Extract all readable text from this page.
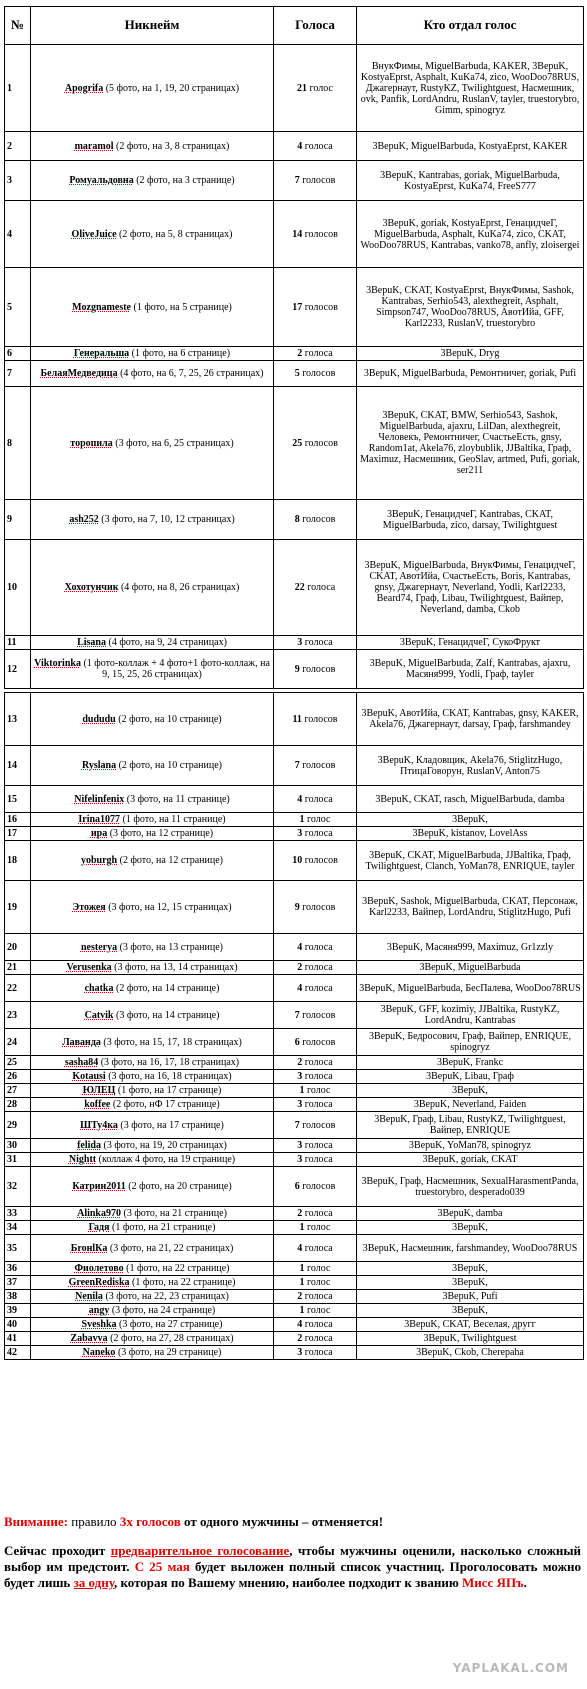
№	Никнейм	Голоса	Кто отдал голос
1	Apogrifa (5 фото, на 1, 19, 20 страницах)	21 голос	ВнукФимы, MiguelBarbuda, KAKER, 3ВерuK, KostyaEprst, Asphalt, KuKa74, zico, WooDoo78RUS, Джагернаут, RustyKZ, Twilightguest, Насмешник, ovk, Panfik, LordAndru, RuslanV, tayler, truestorybro, Gimm, spinogryz
2	maramol (2 фото, на 3, 8 страницах)	4 голоса	3ВерuK, MiguelBarbuda, KostyaEprst, KAKER
3	Ромуальдовна (2 фото, на 3 странице)	7 голосов	3ВерuK, Kantrabas, goriak, MiguelBarbuda, KostyaEprst, KuKa74, FreeS777
4	OliveJuice (2 фото, на 5, 8 страницах)	14 голосов	3ВерuK, goriak, KostyaEprst, ГенацидчеГ, MiguelBarbuda, Asphalt, KuKa74, zico, CKAT, WooDoo78RUS, Kantrabas, vanko78, anfly, zloisergei
5	Mozgnameste (1 фото, на 5 странице)	17 голосов	3ВерuK, CKAT, KostyaEprst, ВнукФимы, Sashok, Kantrabas, Serhio543, alexthegreit, Asphalt, Simpson747, WooDoo78RUS, AвотИйa, GFF, Karl2233, RuslanV, truestorybro
6	Генеральша (1 фото, на 6 странице)	2 голоса	3ВерuK, Dryg
7	БелаяМедведица (4 фото, на 6, 7, 25, 26 страницах)	5 голосов	3ВерuK, MiguelBarbuda, Ремонтничег, goriak, Pufi
8	торопила (3 фото, на 6, 25 страницах)	25 голосов	3ВерuK, CKAT, BMW, Serhio543, Sashok, MiguelBarbuda, ajaxru, LilDan, alexthegreit, Человекъ, Ремонтничег, СчастьеЕсть, gnsy, Random1at, Akela76, zloybublik, JJBaltika, Граф, Maximuz, Насмешник, GeoSlav, artmed, Pufi, goriak, ser211
9	ash252 (3 фото, на 7, 10, 12 страницах)	8 голосов	3ВерuK, ГенацидчеГ, Kantrabas, CKAT, MiguelBarbuda, zico, darsay, Twilightguest
10	Хохотунчик (4 фото, на 8, 26 страницах)	22 голоса	3ВерuK, MiguelBarbuda, ВнукФимы, ГенацидчеГ, CKAT, AвотИйa, СчастьеЕсть, Boris, Kantrabas, gnsy, Джагернаут, Neverland, Yodli, Karl2233, Beard74, Граф, Libau, Twilightguest, Вайпер, Neverland, damba, Ckob
11	Lisana (4 фото, на 9, 24 страницах)	3 голоса	3ВерuK, ГенацидчеГ, СукоФрукт
12	Viktorinka (1 фото-коллаж + 4 фото+1 фото-коллаж, на 9, 15, 25, 26 страницах)	9 голосов	3ВерuK, MiguelBarbuda, Zalf, Kantrabas, ajaxru, Масяня999, Yodli, Граф, tayler

13	dududu (2 фото, на 10 странице)	11 голосов	3ВерuK, AвотИйa, CKAT, Kantrabas, gnsy, KAKER, Akela76, Джагернаут, darsay, Граф, farshmandey
14	Ryslana (2 фото, на 10 странице)	7 голосов	3ВерuK, Кладовщик, Akela76, StiglitzHugo, ПтицаГоворун, RuslanV, Anton75
15	Nifelinfenix (3 фото, на 11 странице)	4 голоса	3ВерuK, CKAT, rasch, MiguelBarbuda, damba
16	Irina1077 (1 фото, на 11 странице)	1 голос	3ВерuK,
17	ира (3 фото, на 12 странице)	3 голоса	3ВерuK, kistanov, LovelAss
18	yoburgh (2 фото, на 12 странице)	10 голосов	3ВерuK, CKAT, MiguelBarbuda, JJBaltika, Граф, Twilightguest, Clanch, YoMan78, ENRIQUE, tayler
19	Этожея (3 фото, на 12, 15 страницах)	9 голосов	3ВерuK, Sashok, MiguelBarbuda, CKAT, Персонаж, Karl2233, Вайпер, LordAndru, StiglitzHugo, Pufi
20	nesterya (3 фото, на 13 странице)	4 голоса	3ВерuK, Масяня999, Maximuz, Gr1zzly
21	Verusenka (3 фото, на 13, 14 страницах)	2 голоса	3ВерuK, MiguelBarbuda
22	chatka (2 фото, на 14 странице)	4 голоса	3ВерuK, MiguelBarbuda, БесПалева, WooDoo78RUS
23	Catvik (3 фото, на 14 странице)	7 голосов	3ВерuK, GFF, kozimiy, JJBaltika, RustyKZ, LordAndru, Kantrabas
24	Лаванда (3 фото, на 15, 17, 18 страницах)	6 голосов	3ВерuK, Бедросович, Граф, Вайпер, ENRIQUE, spinogryz
25	sasha84 (3 фото, на 16, 17, 18 страницах)	2 голоса	3ВерuK, Frankc
26	Kotausi (3 фото, на 16, 18 страницах)	3 голоса	3ВерuK, Libau, Граф
27	ЮЛЕЦ (1 фото, на 17 странице)	1 голос	3ВерuK,
28	koffee (2 фото, нФ 17 странице)	3 голоса	3ВерuK, Neverland, Faiden
29	ШТу4ка (3 фото, на 17 странице)	7 голосов	3ВерuK, Граф, Libau, RustyKZ, Twilightguest, Вайпер, ENRIQUE
30	felida (3 фото, на 19, 20 страницах)	3 голоса	3ВерuK, YoMan78, spinogryz
31	Nightt (коллаж 4 фото, на 19 странице)	3 голоса	3ВерuK, goriak, CKAT
32	Катрин2011 (2 фото, на 20 странице)	6 голосов	3ВерuK, Граф, Насмешник, SexualHarasmentPanda, truestorybro, desperado039
33	Alinka970 (3 фото, на 21 странице)	2 голоса	3ВерuK, damba
34	Гадя (1 фото, на 21 странице)	1 голос	3ВерuK,
35	БroнlКa (3 фото, на 21, 22 страницах)	4 голоса	3ВерuK, Насмешник, farshmandey, WooDoo78RUS
36	Фиолетово (1 фото, на 22 странице)	1 голос	3ВерuK,
37	GreenRediska (1 фото, на 22 странице)	1 голос	3ВерuK,
38	Nenila (3 фото, на 22, 23 страницах)	2 голоса	3ВерuK, Pufi
39	angy (3 фото, на 24 странице)	1 голос	3ВерuK,
40	Sveshka (3 фото, на 27 странице)	4 голоса	3ВерuK, CKAT, Веселая, дpyгг
41	Zabavva (2 фото, на 27, 28 страницах)	2 голоса	3ВерuK, Twilightguest
42	Naneko (3 фото, на 29 странице)	3 голоса	3ВерuK, Ckob, Cherepaha

Внимание: правило 3х голосов от одного мужчины – отменяется!

Сейчас проходит предварительное голосование, чтобы мужчины оценили, насколько сложный выбор им предстоит. С 25 мая будет выложен полный список участниц. Проголосовать можно будет лишь за одну, которая по Вашему мнению, наиболее подходит к званию Мисс ЯПъ.

YAPLAKAL.COM
